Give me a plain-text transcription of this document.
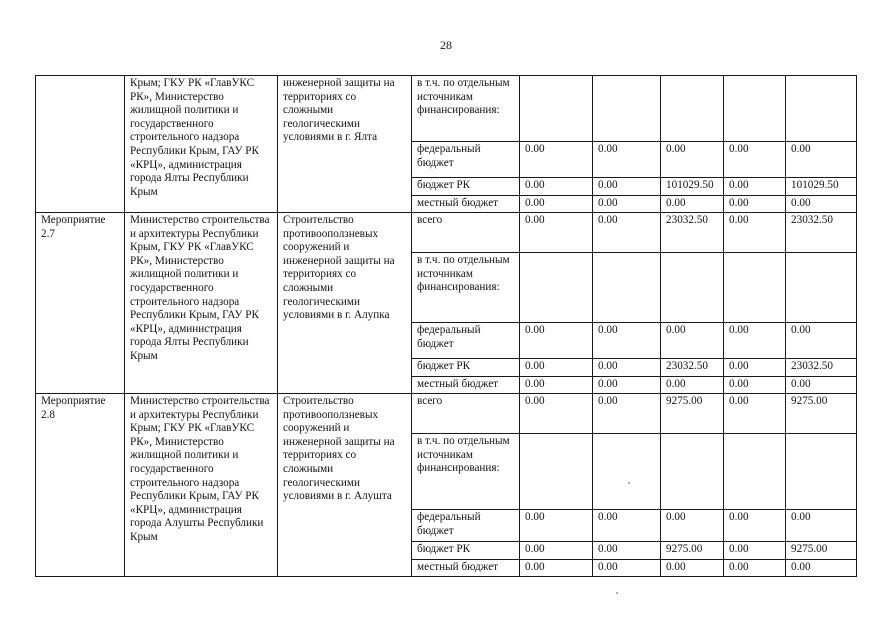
28
	Крым; ГКУ РК «ГлавУКС РК», Министерство жилищной политики и государственного строительного надзора Республики Крым, ГАУ РК «КРЦ», администрация города Ялты Республики Крым	инженерной защиты на территориях со сложными геологическими условиями в г. Ялта	в т.ч. по отдельным источникам финансирования:					
			федеральный бюджет	0.00	0.00	0.00	0.00	0.00
			бюджет РК	0.00	0.00	101029.50	0.00	101029.50
			местный бюджет	0.00	0.00	0.00	0.00	0.00
Мероприятие 2.7	Министерство строительства и архитектуры Республики Крым, ГКУ РК «ГлавУКС РК», Министерство жилищной политики и государственного строительного надзора Республики Крым, ГАУ РК «КРЦ», администрация города Ялты Республики Крым	Строительство противооползневых сооружений и инженерной защиты на территориях со сложными геологическими условиями в г. Алупка	всего	0.00	0.00	23032.50	0.00	23032.50
			в т.ч. по отдельным источникам финансирования:					
			федеральный бюджет	0.00	0.00	0.00	0.00	0.00
			бюджет РК	0.00	0.00	23032.50	0.00	23032.50
			местный бюджет	0.00	0.00	0.00	0.00	0.00
Мероприятие 2.8	Министерство строительства и архитектуры Республики Крым; ГКУ РК «ГлавУКС РК», Министерство жилищной политики и государственного строительного надзора Республики Крым, ГАУ РК «КРЦ», администрация города Алушты Республики Крым	Строительство противооползневых сооружений и инженерной защиты на территориях со сложными геологическими условиями в г. Алушта	всего	0.00	0.00	9275.00	0.00	9275.00
			в т.ч. по отдельным источникам финансирования:					
			федеральный бюджет	0.00	0.00	0.00	0.00	0.00
			бюджет РК	0.00	0.00	9275.00	0.00	9275.00
			местный бюджет	0.00	0.00	0.00	0.00	0.00
